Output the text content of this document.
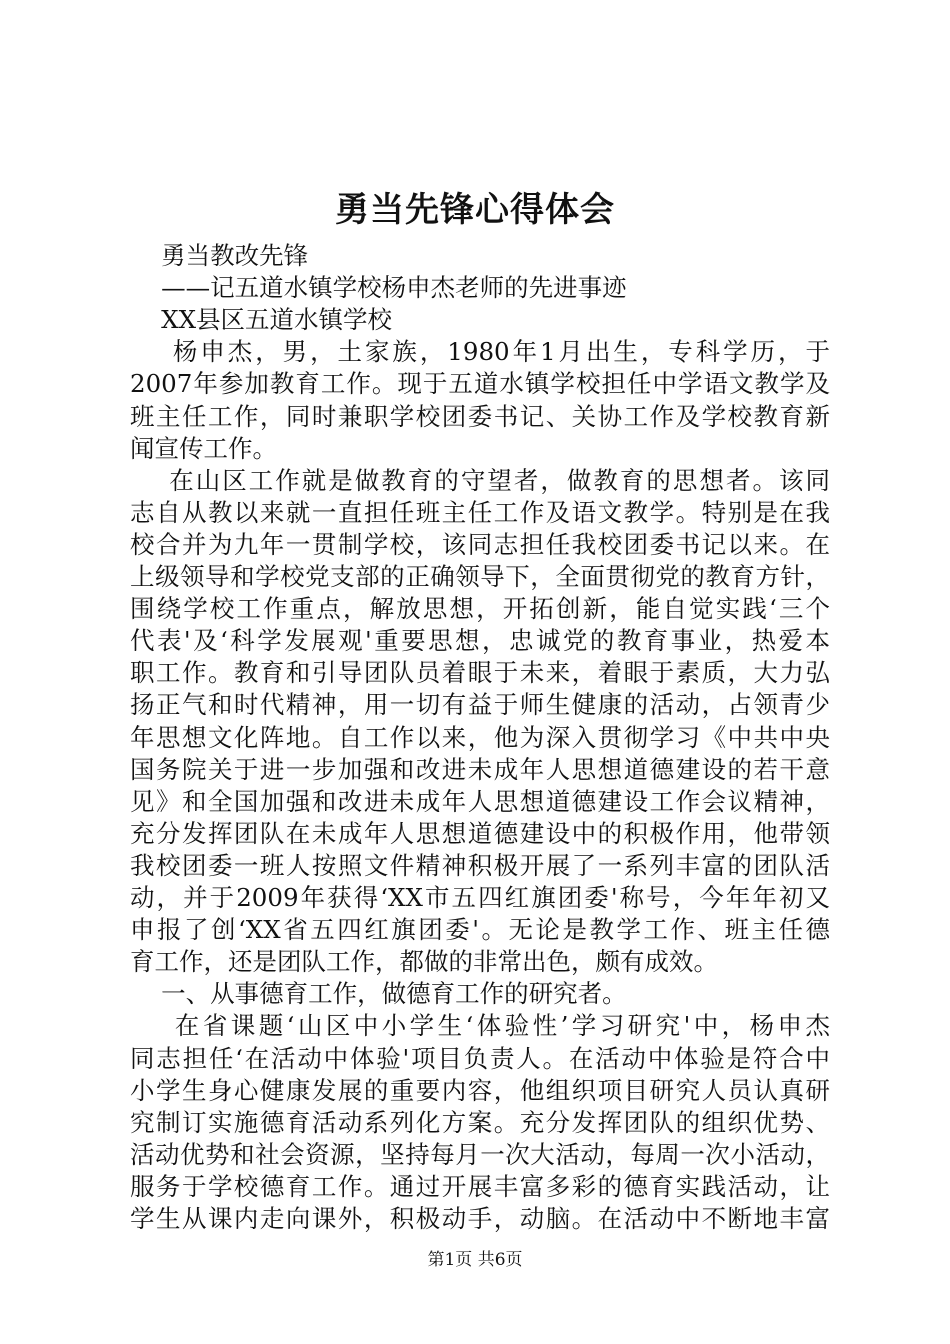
勇当先锋心得体会
勇当教改先锋
——记五道水镇学校杨申杰老师的先进事迹
XX县区五道水镇学校
杨申杰，男，土家族，1980年1月出生，专科学历，于
2007年参加教育工作。现于五道水镇学校担任中学语文教学及
班主任工作，同时兼职学校团委书记、关协工作及学校教育新
闻宣传工作。
在山区工作就是做教育的守望者，做教育的思想者。该同
志自从教以来就一直担任班主任工作及语文教学。特别是在我
校合并为九年一贯制学校，该同志担任我校团委书记以来。在
上级领导和学校党支部的正确领导下，全面贯彻党的教育方针，
围绕学校工作重点，解放思想，开拓创新，能自觉实践‘三个
代表'及‘科学发展观'重要思想，忠诚党的教育事业，热爱本
职工作。教育和引导团队员着眼于未来，着眼于素质，大力弘
扬正气和时代精神，用一切有益于师生健康的活动，占领青少
年思想文化阵地。自工作以来，他为深入贯彻学习《中共中央
国务院关于进一步加强和改进未成年人思想道德建设的若干意
见》和全国加强和改进未成年人思想道德建设工作会议精神，
充分发挥团队在未成年人思想道德建设中的积极作用，他带领
我校团委一班人按照文件精神积极开展了一系列丰富的团队活
动，并于2009年获得‘XX市五四红旗团委'称号，今年年初又
申报了创‘XX省五四红旗团委'。无论是教学工作、班主任德
育工作，还是团队工作，都做的非常出色，颇有成效。
一、从事德育工作，做德育工作的研究者。
在省课题‘山区中小学生‘体验性’学习研究'中，杨申杰
同志担任‘在活动中体验'项目负责人。在活动中体验是符合中
小学生身心健康发展的重要内容，他组织项目研究人员认真研
究制订实施德育活动系列化方案。充分发挥团队的组织优势、
活动优势和社会资源，坚持每月一次大活动，每周一次小活动，
服务于学校德育工作。通过开展丰富多彩的德育实践活动，让
学生从课内走向课外，积极动手，动脑。在活动中不断地丰富
第1页 共6页
